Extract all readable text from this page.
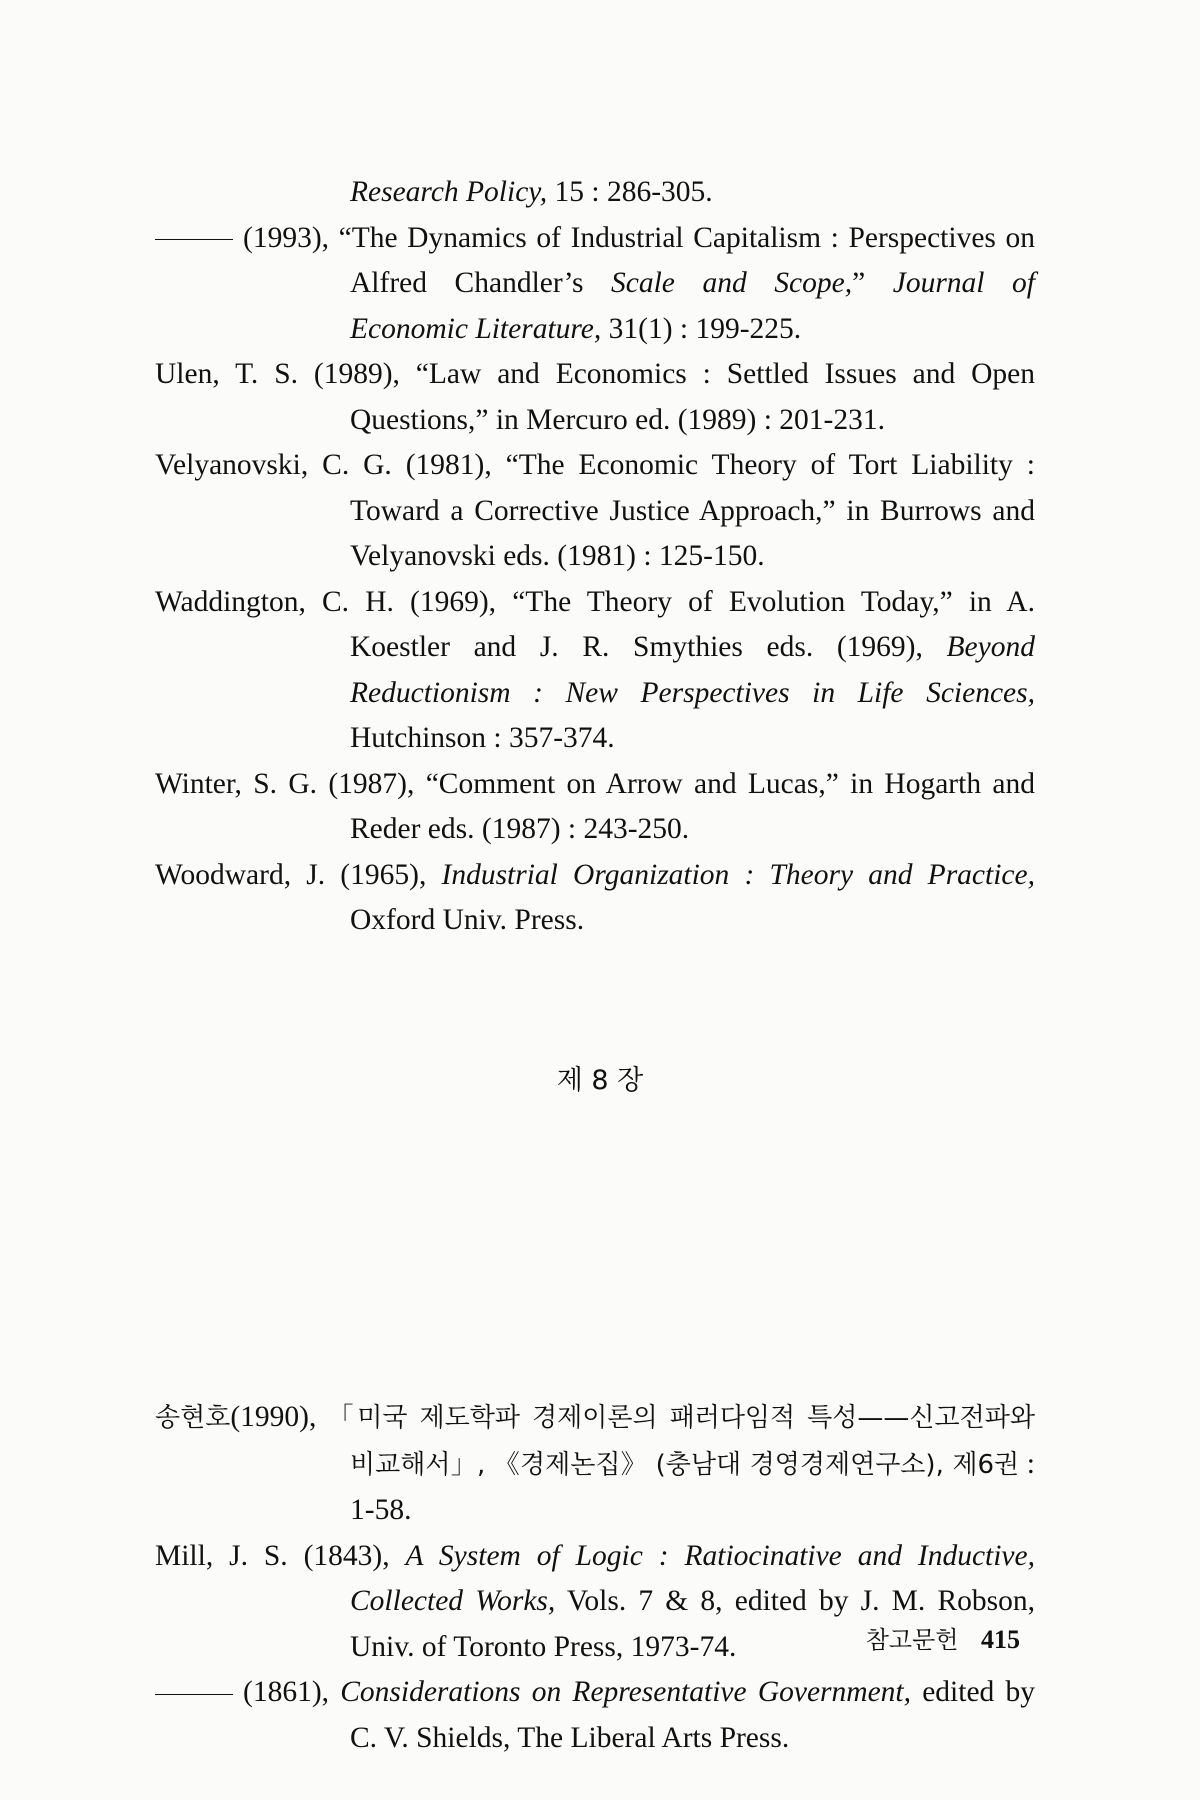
Research Policy, 15 : 286-305.
(1993), “The Dynamics of Industrial Capitalism : Perspectives on Alfred Chandler’s Scale and Scope,” Journal of Economic Literature, 31(1) : 199-225.
Ulen, T. S. (1989), “Law and Economics : Settled Issues and Open Questions,” in Mercuro ed. (1989) : 201-231.
Velyanovski, C. G. (1981), “The Economic Theory of Tort Liability : Toward a Corrective Justice Approach,” in Burrows and Velyanovski eds. (1981) : 125-150.
Waddington, C. H. (1969), “The Theory of Evolution Today,” in A. Koestler and J. R. Smythies eds. (1969), Beyond Reductionism : New Perspectives in Life Sciences, Hutchinson : 357-374.
Winter, S. G. (1987), “Comment on Arrow and Lucas,” in Hogarth and Reder eds. (1987) : 243-250.
Woodward, J. (1965), Industrial Organization : Theory and Practice, Oxford Univ. Press.
제 8 장
송현호(1990), 「미국 제도학파 경제이론의 패러다임적 특성——신고전파와 비교해서」, 《경제논집》 (충남대 경영경제연구소), 제6권 : 1-58.
Mill, J. S. (1843), A System of Logic : Ratiocinative and Inductive, Collected Works, Vols. 7 & 8, edited by J. M. Robson, Univ. of Toronto Press, 1973-74.
(1861), Considerations on Representative Government, edited by C. V. Shields, The Liberal Arts Press.
참고문헌 415
